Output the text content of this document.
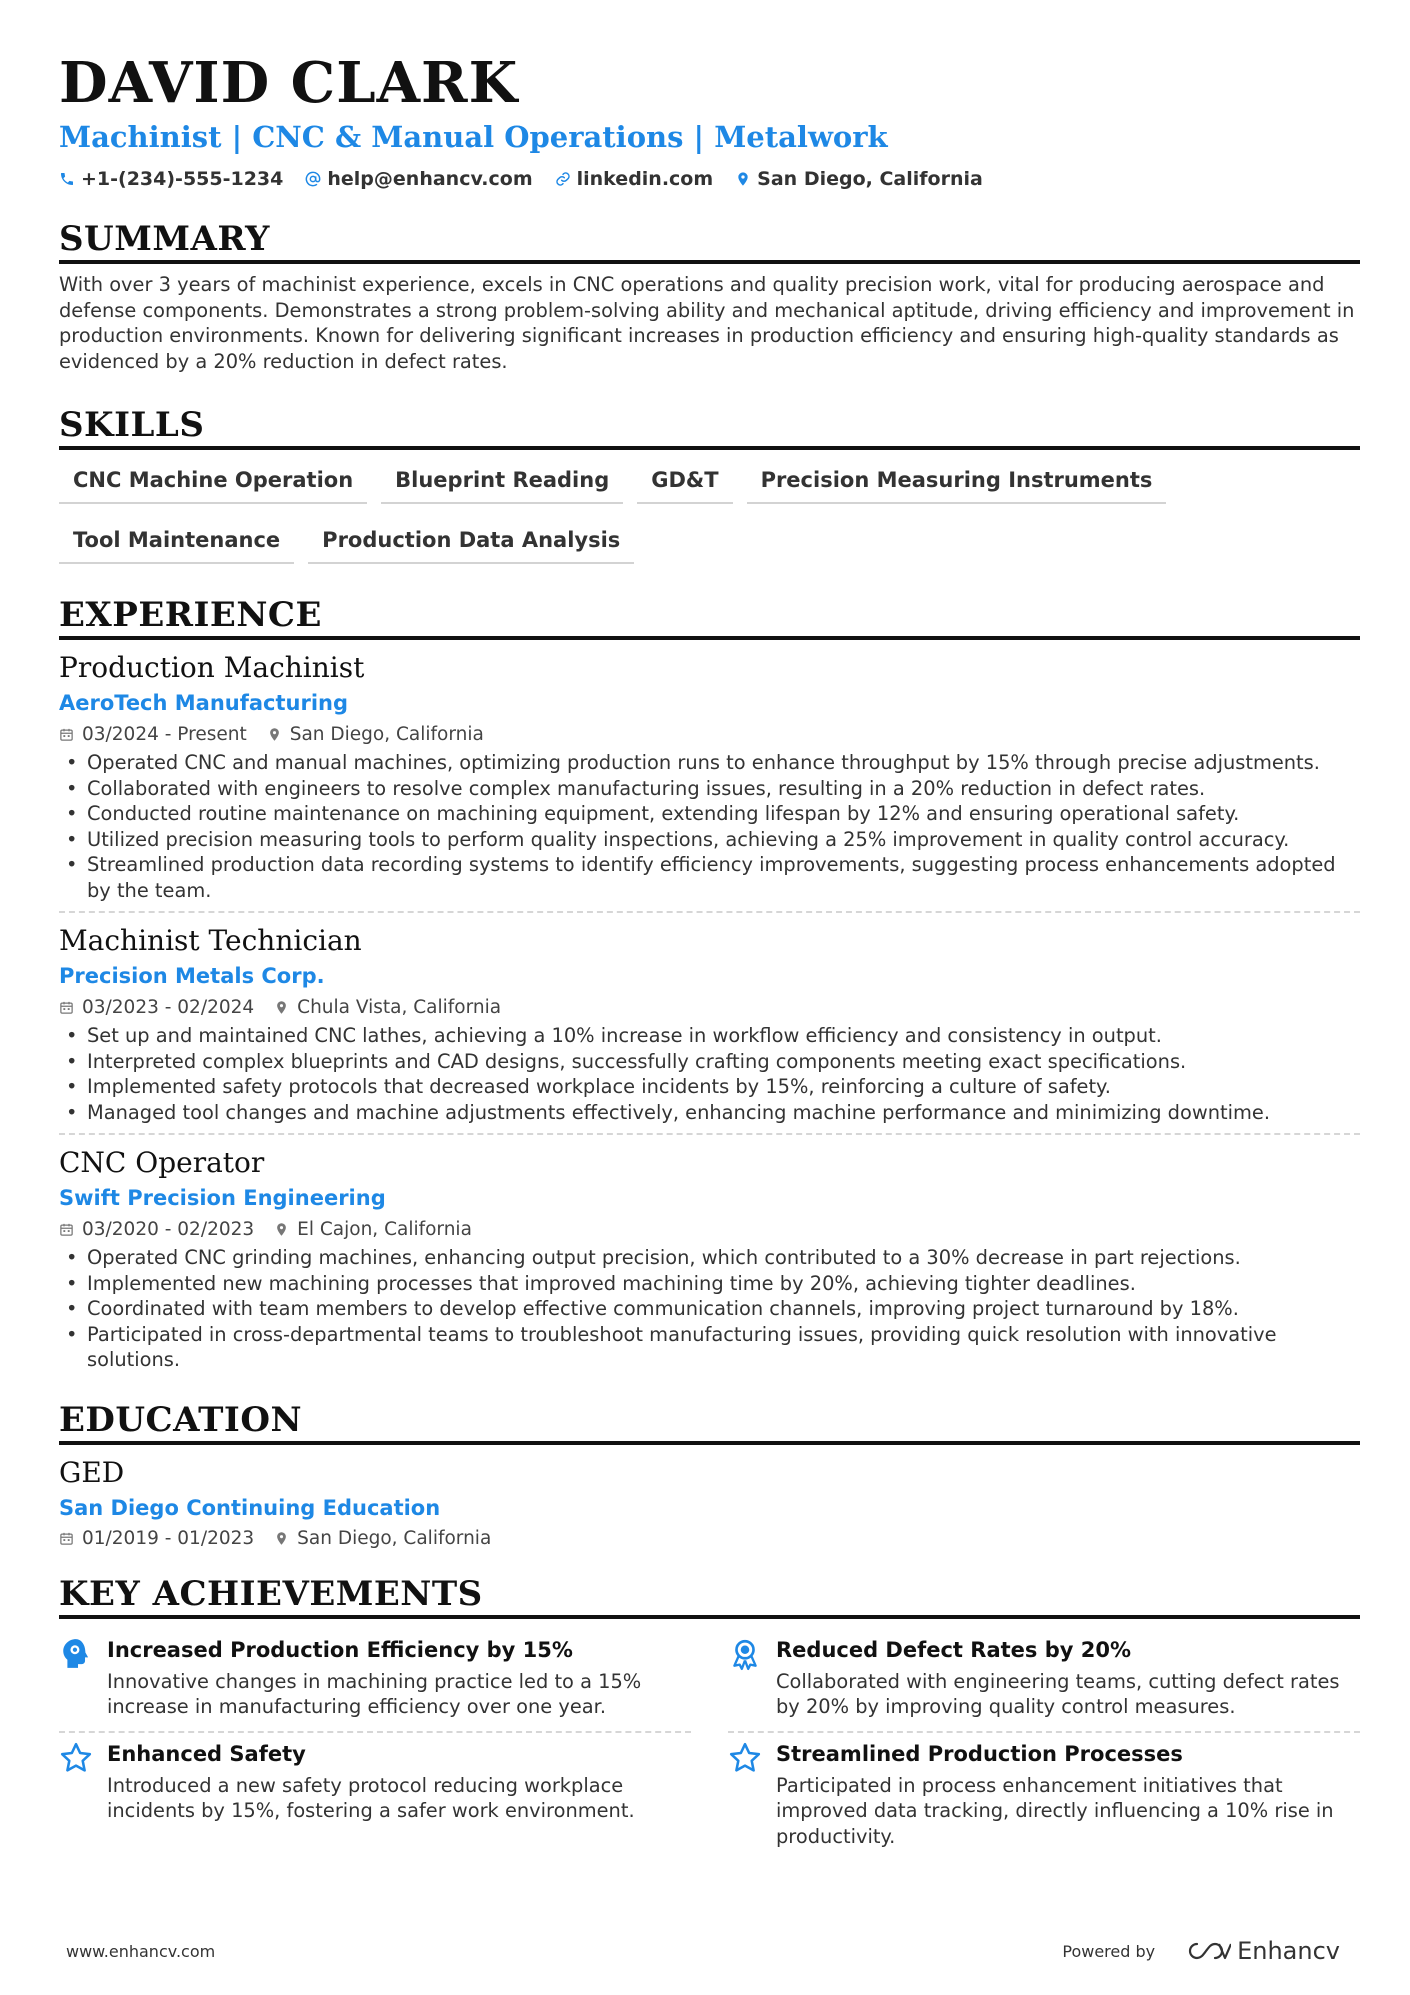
DAVID CLARK
Machinist | CNC & Manual Operations | Metalwork
+1-(234)-555-1234 help@enhancv.com linkedin.com San Diego, California
SUMMARY
With over 3 years of machinist experience, excels in CNC operations and quality precision work, vital for producing aerospace and defense components. Demonstrates a strong problem-solving ability and mechanical aptitude, driving efficiency and improvement in production environments. Known for delivering significant increases in production efficiency and ensuring high-quality standards as evidenced by a 20% reduction in defect rates.
SKILLS
CNC Machine Operation	Blueprint Reading	GD&T	Precision Measuring Instruments
Tool Maintenance	Production Data Analysis
EXPERIENCE
Production Machinist
AeroTech Manufacturing
03/2024 - Present San Diego, California
• Operated CNC and manual machines, optimizing production runs to enhance throughput by 15% through precise adjustments.
• Collaborated with engineers to resolve complex manufacturing issues, resulting in a 20% reduction in defect rates.
• Conducted routine maintenance on machining equipment, extending lifespan by 12% and ensuring operational safety.
• Utilized precision measuring tools to perform quality inspections, achieving a 25% improvement in quality control accuracy.
• Streamlined production data recording systems to identify efficiency improvements, suggesting process enhancements adopted by the team.
Machinist Technician
Precision Metals Corp.
03/2023 - 02/2024 Chula Vista, California
• Set up and maintained CNC lathes, achieving a 10% increase in workflow efficiency and consistency in output.
• Interpreted complex blueprints and CAD designs, successfully crafting components meeting exact specifications.
• Implemented safety protocols that decreased workplace incidents by 15%, reinforcing a culture of safety.
• Managed tool changes and machine adjustments effectively, enhancing machine performance and minimizing downtime.
CNC Operator
Swift Precision Engineering
03/2020 - 02/2023 El Cajon, California
• Operated CNC grinding machines, enhancing output precision, which contributed to a 30% decrease in part rejections.
• Implemented new machining processes that improved machining time by 20%, achieving tighter deadlines.
• Coordinated with team members to develop effective communication channels, improving project turnaround by 18%.
• Participated in cross-departmental teams to troubleshoot manufacturing issues, providing quick resolution with innovative solutions.
EDUCATION
GED
San Diego Continuing Education
01/2019 - 01/2023 San Diego, California
KEY ACHIEVEMENTS
Increased Production Efficiency by 15%
Innovative changes in machining practice led to a 15% increase in manufacturing efficiency over one year.
Reduced Defect Rates by 20%
Collaborated with engineering teams, cutting defect rates by 20% by improving quality control measures.
Enhanced Safety
Introduced a new safety protocol reducing workplace incidents by 15%, fostering a safer work environment.
Streamlined Production Processes
Participated in process enhancement initiatives that improved data tracking, directly influencing a 10% rise in productivity.
www.enhancv.com	Powered by	Enhancv
